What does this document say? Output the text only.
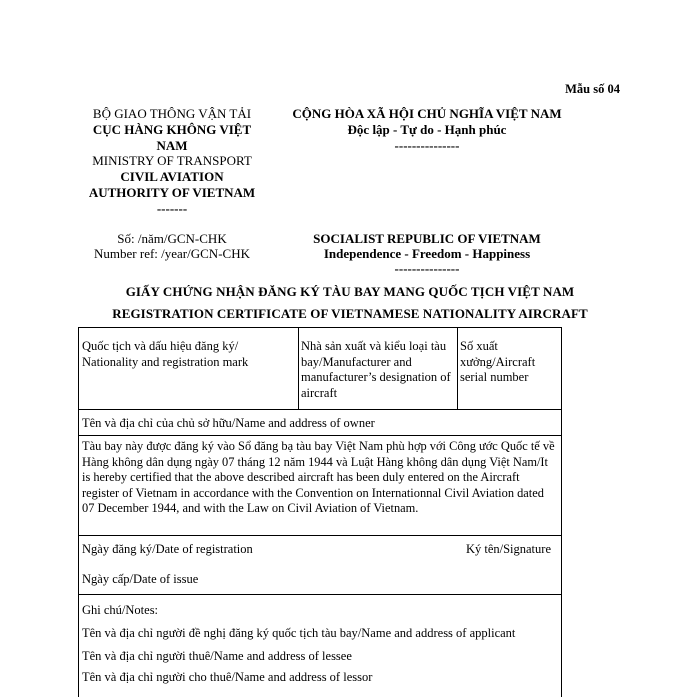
Mẫu số 04
BỘ GIAO THÔNG VẬN TẢI
CỤC HÀNG KHÔNG VIỆT NAM
MINISTRY OF TRANSPORT
CIVIL AVIATION AUTHORITY OF VIETNAM
-------
CỘNG HÒA XÃ HỘI CHỦ NGHĨA VIỆT NAM
Độc lập - Tự do - Hạnh phúc
---------------
Số: /năm/GCN-CHK
Number ref: /year/GCN-CHK
SOCIALIST REPUBLIC OF VIETNAM
Independence - Freedom - Happiness
---------------
GIẤY CHỨNG NHẬN ĐĂNG KÝ TÀU BAY MANG QUỐC TỊCH VIỆT NAM
REGISTRATION CERTIFICATE OF VIETNAMESE NATIONALITY AIRCRAFT
Quốc tịch và dấu hiệu đăng ký/ Nationality and registration mark
Nhà sản xuất và kiểu loại tàu bay/Manufacturer and manufacturer’s designation of aircraft
Số xuất xưởng/Aircraft serial number
Tên và địa chỉ của chủ sở hữu/Name and address of owner
Tàu bay này được đăng ký vào Sổ đăng bạ tàu bay Việt Nam phù hợp với Công ước Quốc tế về Hàng không dân dụng ngày 07 tháng 12 năm 1944 và Luật Hàng không dân dụng Việt Nam/It is hereby certified that the above described aircraft has been duly entered on the Aircraft register of Vietnam in accordance with the Convention on Internationnal Civil Aviation dated 07 December 1944, and with the Law on Civil Aviation of Vietnam.
Ngày đăng ký/Date of registration	Ký tên/Signature
Ngày cấp/Date of issue
Ghi chú/Notes:
Tên và địa chỉ người đề nghị đăng ký quốc tịch tàu bay/Name and address of applicant
Tên và địa chỉ người thuê/Name and address of lessee
Tên và địa chỉ người cho thuê/Name and address of lessor
